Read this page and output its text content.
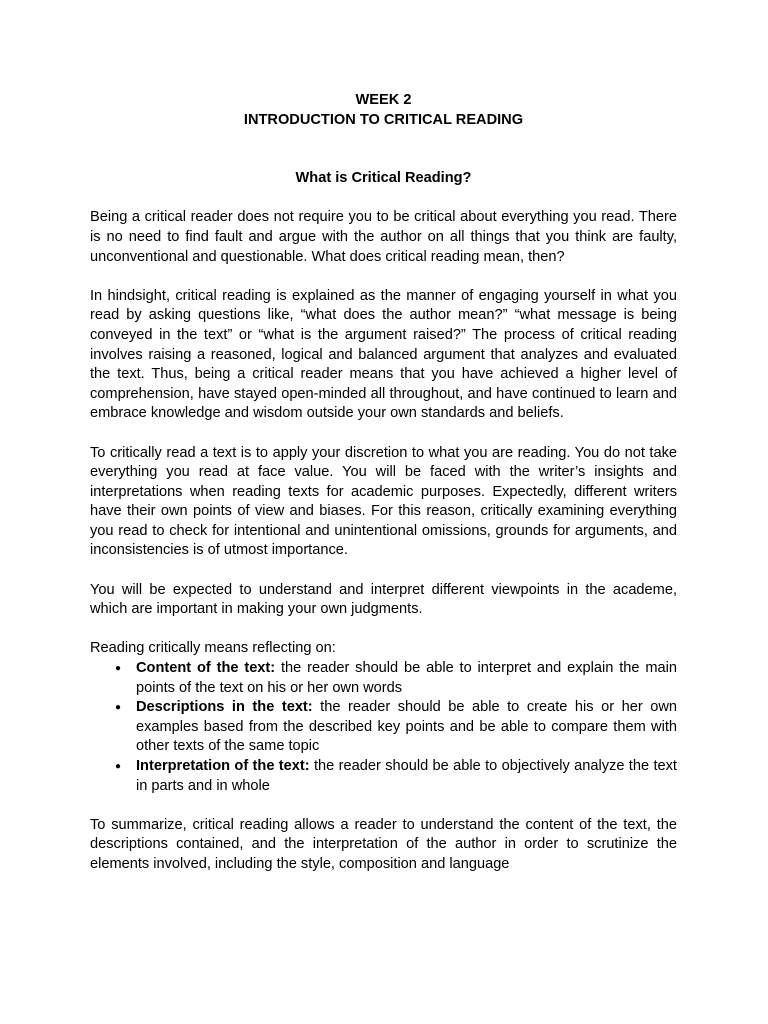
WEEK 2
INTRODUCTION TO CRITICAL READING
What is Critical Reading?

Being a critical reader does not require you to be critical about everything you read. There is no need to find fault and argue with the author on all things that you think are faulty, unconventional and questionable. What does critical reading mean, then?

In hindsight, critical reading is explained as the manner of engaging yourself in what you read by asking questions like, “what does the author mean?” “what message is being conveyed in the text” or “what is the argument raised?” The process of critical reading involves raising a reasoned, logical and balanced argument that analyzes and evaluated the text. Thus, being a critical reader means that you have achieved a higher level of comprehension, have stayed open-minded all throughout, and have continued to learn and embrace knowledge and wisdom outside your own standards and beliefs.

To critically read a text is to apply your discretion to what you are reading. You do not take everything you read at face value. You will be faced with the writer’s insights and interpretations when reading texts for academic purposes. Expectedly, different writers have their own points of view and biases. For this reason, critically examining everything you read to check for intentional and unintentional omissions, grounds for arguments, and inconsistencies is of utmost importance.

You will be expected to understand and interpret different viewpoints in the academe, which are important in making your own judgments.

Reading critically means reflecting on:

● Content of the text: the reader should be able to interpret and explain the main points of the text on his or her own words
● Descriptions in the text: the reader should be able to create his or her own examples based from the described key points and be able to compare them with other texts of the same topic
● Interpretation of the text: the reader should be able to objectively analyze the text in parts and in whole

To summarize, critical reading allows a reader to understand the content of the text, the descriptions contained, and the interpretation of the author in order to scrutinize the elements involved, including the style, composition and language
